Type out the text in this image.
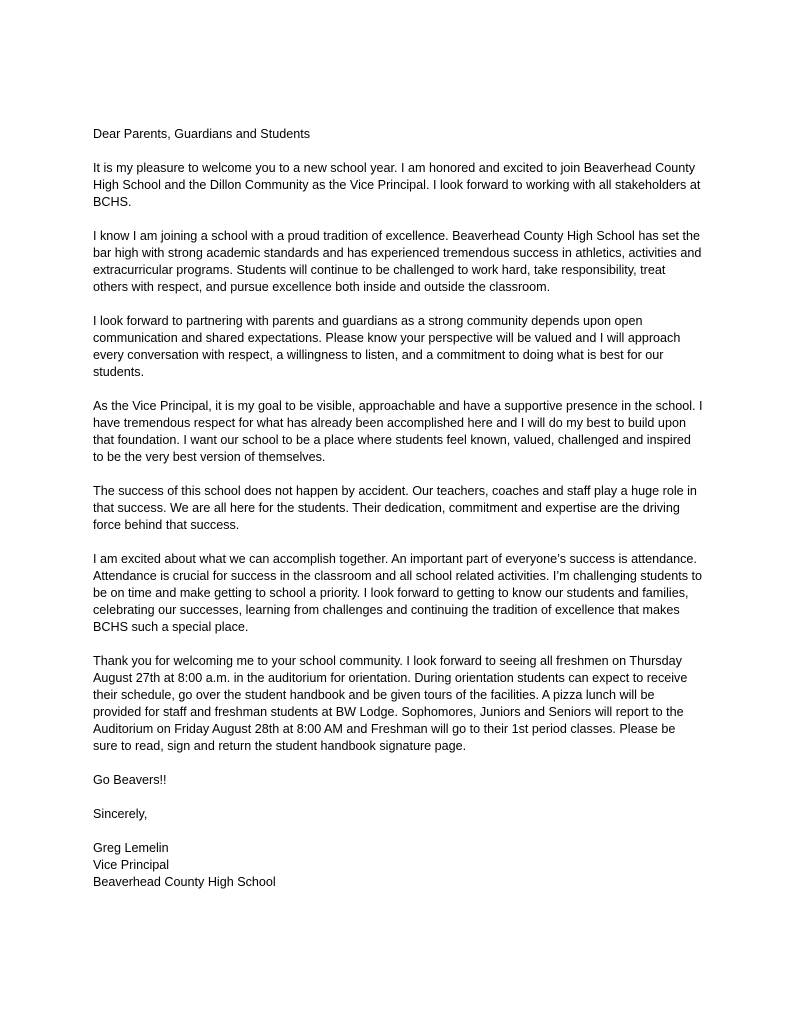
Dear Parents, Guardians and Students

It is my pleasure to welcome you to a new school year. I am honored and excited to join Beaverhead County High School and the Dillon Community as the Vice Principal. I look forward to working with all stakeholders at BCHS.

I know I am joining a school with a proud tradition of excellence. Beaverhead County High School has set the bar high with strong academic standards and has experienced tremendous success in athletics, activities and extracurricular programs. Students will continue to be challenged to work hard, take responsibility, treat others with respect, and pursue excellence both inside and outside the classroom.

I look forward to partnering with parents and guardians as a strong community depends upon open communication and shared expectations. Please know your perspective will be valued and I will approach every conversation with respect, a willingness to listen, and a commitment to doing what is best for our students.

As the Vice Principal, it is my goal to be visible, approachable and have a supportive presence in the school. I have tremendous respect for what has already been accomplished here and I will do my best to build upon that foundation. I want our school to be a place where students feel known, valued, challenged and inspired to be the very best version of themselves.

The success of this school does not happen by accident. Our teachers, coaches and staff play a huge role in that success. We are all here for the students. Their dedication, commitment and expertise are the driving force behind that success.

I am excited about what we can accomplish together. An important part of everyone’s success is attendance. Attendance is crucial for success in the classroom and all school related activities. I’m challenging students to be on time and make getting to school a priority. I look forward to getting to know our students and families, celebrating our successes, learning from challenges and continuing the tradition of excellence that makes BCHS such a special place.

Thank you for welcoming me to your school community. I look forward to seeing all freshmen on Thursday August 27th at 8:00 a.m. in the auditorium for orientation. During orientation students can expect to receive their schedule, go over the student handbook and be given tours of the facilities. A pizza lunch will be provided for staff and freshman students at BW Lodge. Sophomores, Juniors and Seniors will report to the Auditorium on Friday August 28th at 8:00 AM and Freshman will go to their 1st period classes. Please be sure to read, sign and return the student handbook signature page.

Go Beavers!!

Sincerely,

Greg Lemelin

Vice Principal

Beaverhead County High School
